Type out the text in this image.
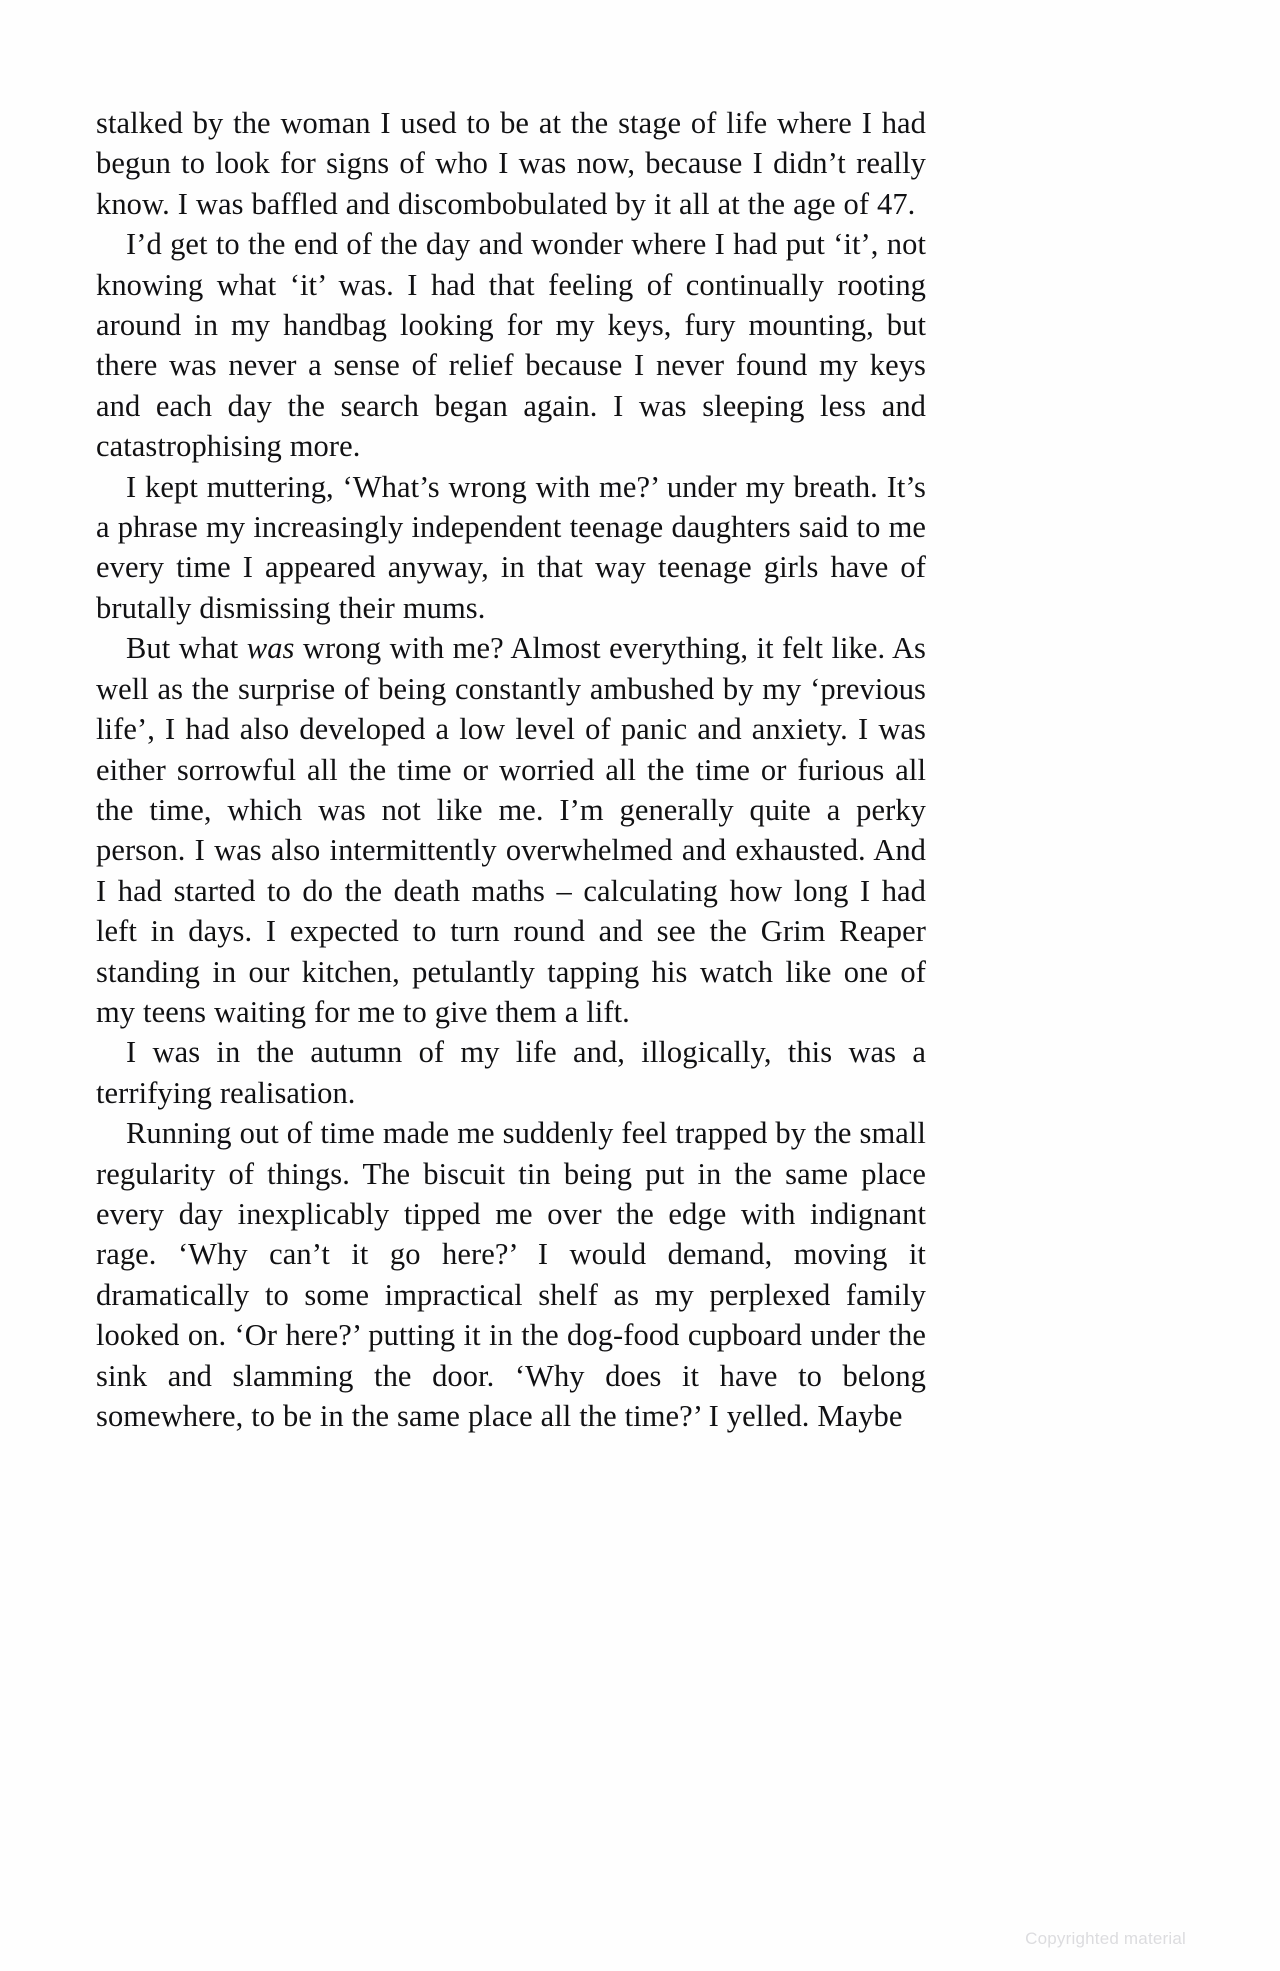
stalked by the woman I used to be at the stage of life where I had begun to look for signs of who I was now, because I didn’t really know. I was baffled and discombobulated by it all at the age of 47.

I’d get to the end of the day and wonder where I had put ‘it’, not knowing what ‘it’ was. I had that feeling of continually rooting around in my handbag looking for my keys, fury mounting, but there was never a sense of relief because I never found my keys and each day the search began again. I was sleeping less and catastrophising more.

I kept muttering, ‘What’s wrong with me?’ under my breath. It’s a phrase my increasingly independent teenage daughters said to me every time I appeared anyway, in that way teenage girls have of brutally dismissing their mums.

But what was wrong with me? Almost everything, it felt like. As well as the surprise of being constantly ambushed by my ‘previous life’, I had also developed a low level of panic and anxiety. I was either sorrowful all the time or worried all the time or furious all the time, which was not like me. I’m generally quite a perky person. I was also intermittently overwhelmed and exhausted. And I had started to do the death maths – calculating how long I had left in days. I expected to turn round and see the Grim Reaper standing in our kitchen, petulantly tapping his watch like one of my teens waiting for me to give them a lift.

I was in the autumn of my life and, illogically, this was a terrifying realisation.

Running out of time made me suddenly feel trapped by the small regularity of things. The biscuit tin being put in the same place every day inexplicably tipped me over the edge with indignant rage. ‘Why can’t it go here?’ I would demand, moving it dramatically to some impractical shelf as my perplexed family looked on. ‘Or here?’ putting it in the dog-food cupboard under the sink and slamming the door. ‘Why does it have to belong somewhere, to be in the same place all the time?’ I yelled. Maybe

Copyrighted material
